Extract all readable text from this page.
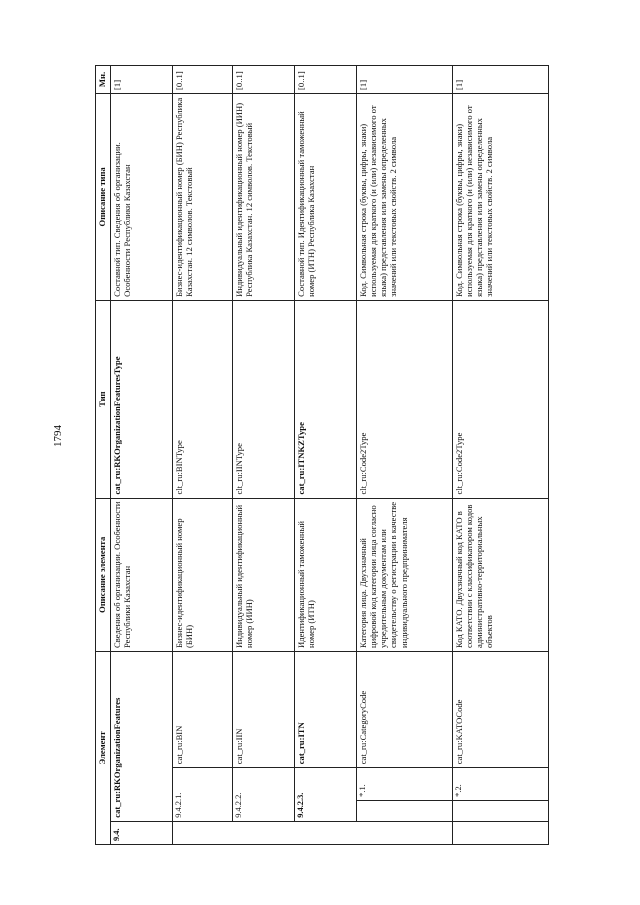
1794
Элемент				Описание элемента	Тип	Описание типа	Мн.
9.4.	cat_ru:RKOrganizationFeatures			Сведения об организации. Особенности Республики Казахстан	cat_ru:RKOrganizationFeaturesType	Составной тип. Сведения об организации. Особенности Республики Казахстан	[1]
	9.4.2.1.		cat_ru:BIN	Бизнес-идентификационный номер (БИН)	clt_ru:BINType	Бизнес-идентификационный номер (БИН) Республика Казахстан. 12 символов. Текстовый	[0..1]
	9.4.2.2.		cat_ru:IIN	Индивидуальный идентификационный номер (ИИН)	clt_ru:IINType	Индивидуальный идентификационный номер (ИИН) Республика Казахстан. 12 символов. Текстовый	[0..1]
	9.4.2.3.		cat_ru:ITN	Идентификационный таможенный номер (ИТН)	cat_ru:ITNKZType	Составной тип. Идентификационный таможенный номер (ИТН) Республика Казахстан	[0..1]
		*.1.	cat_ru:CategoryCode	Категория лица. Двухзначный цифровой код категории лица согласно учредительным документам или свидетельству о регистрации в качестве индивидуального предпринимателя	clt_ru:Code2Type	Код. Символьная строка (буквы, цифры, знаки) используемая для краткого (и (или) независимого от языка) представления или замены определенных значений или текстовых свойств. 2 символа	[1]
		*.2.	cat_ru:KATOCode	Код КАТО. Двухзначный код КАТО в соответствии с классификатором кодов административно-территориальных объектов	clt_ru:Code2Type	Код. Символьная строка (буквы, цифры, знаки) используемая для краткого (и (или) независимого от языка) представления или замены определенных значений или текстовых свойств. 2 символа	[1]
